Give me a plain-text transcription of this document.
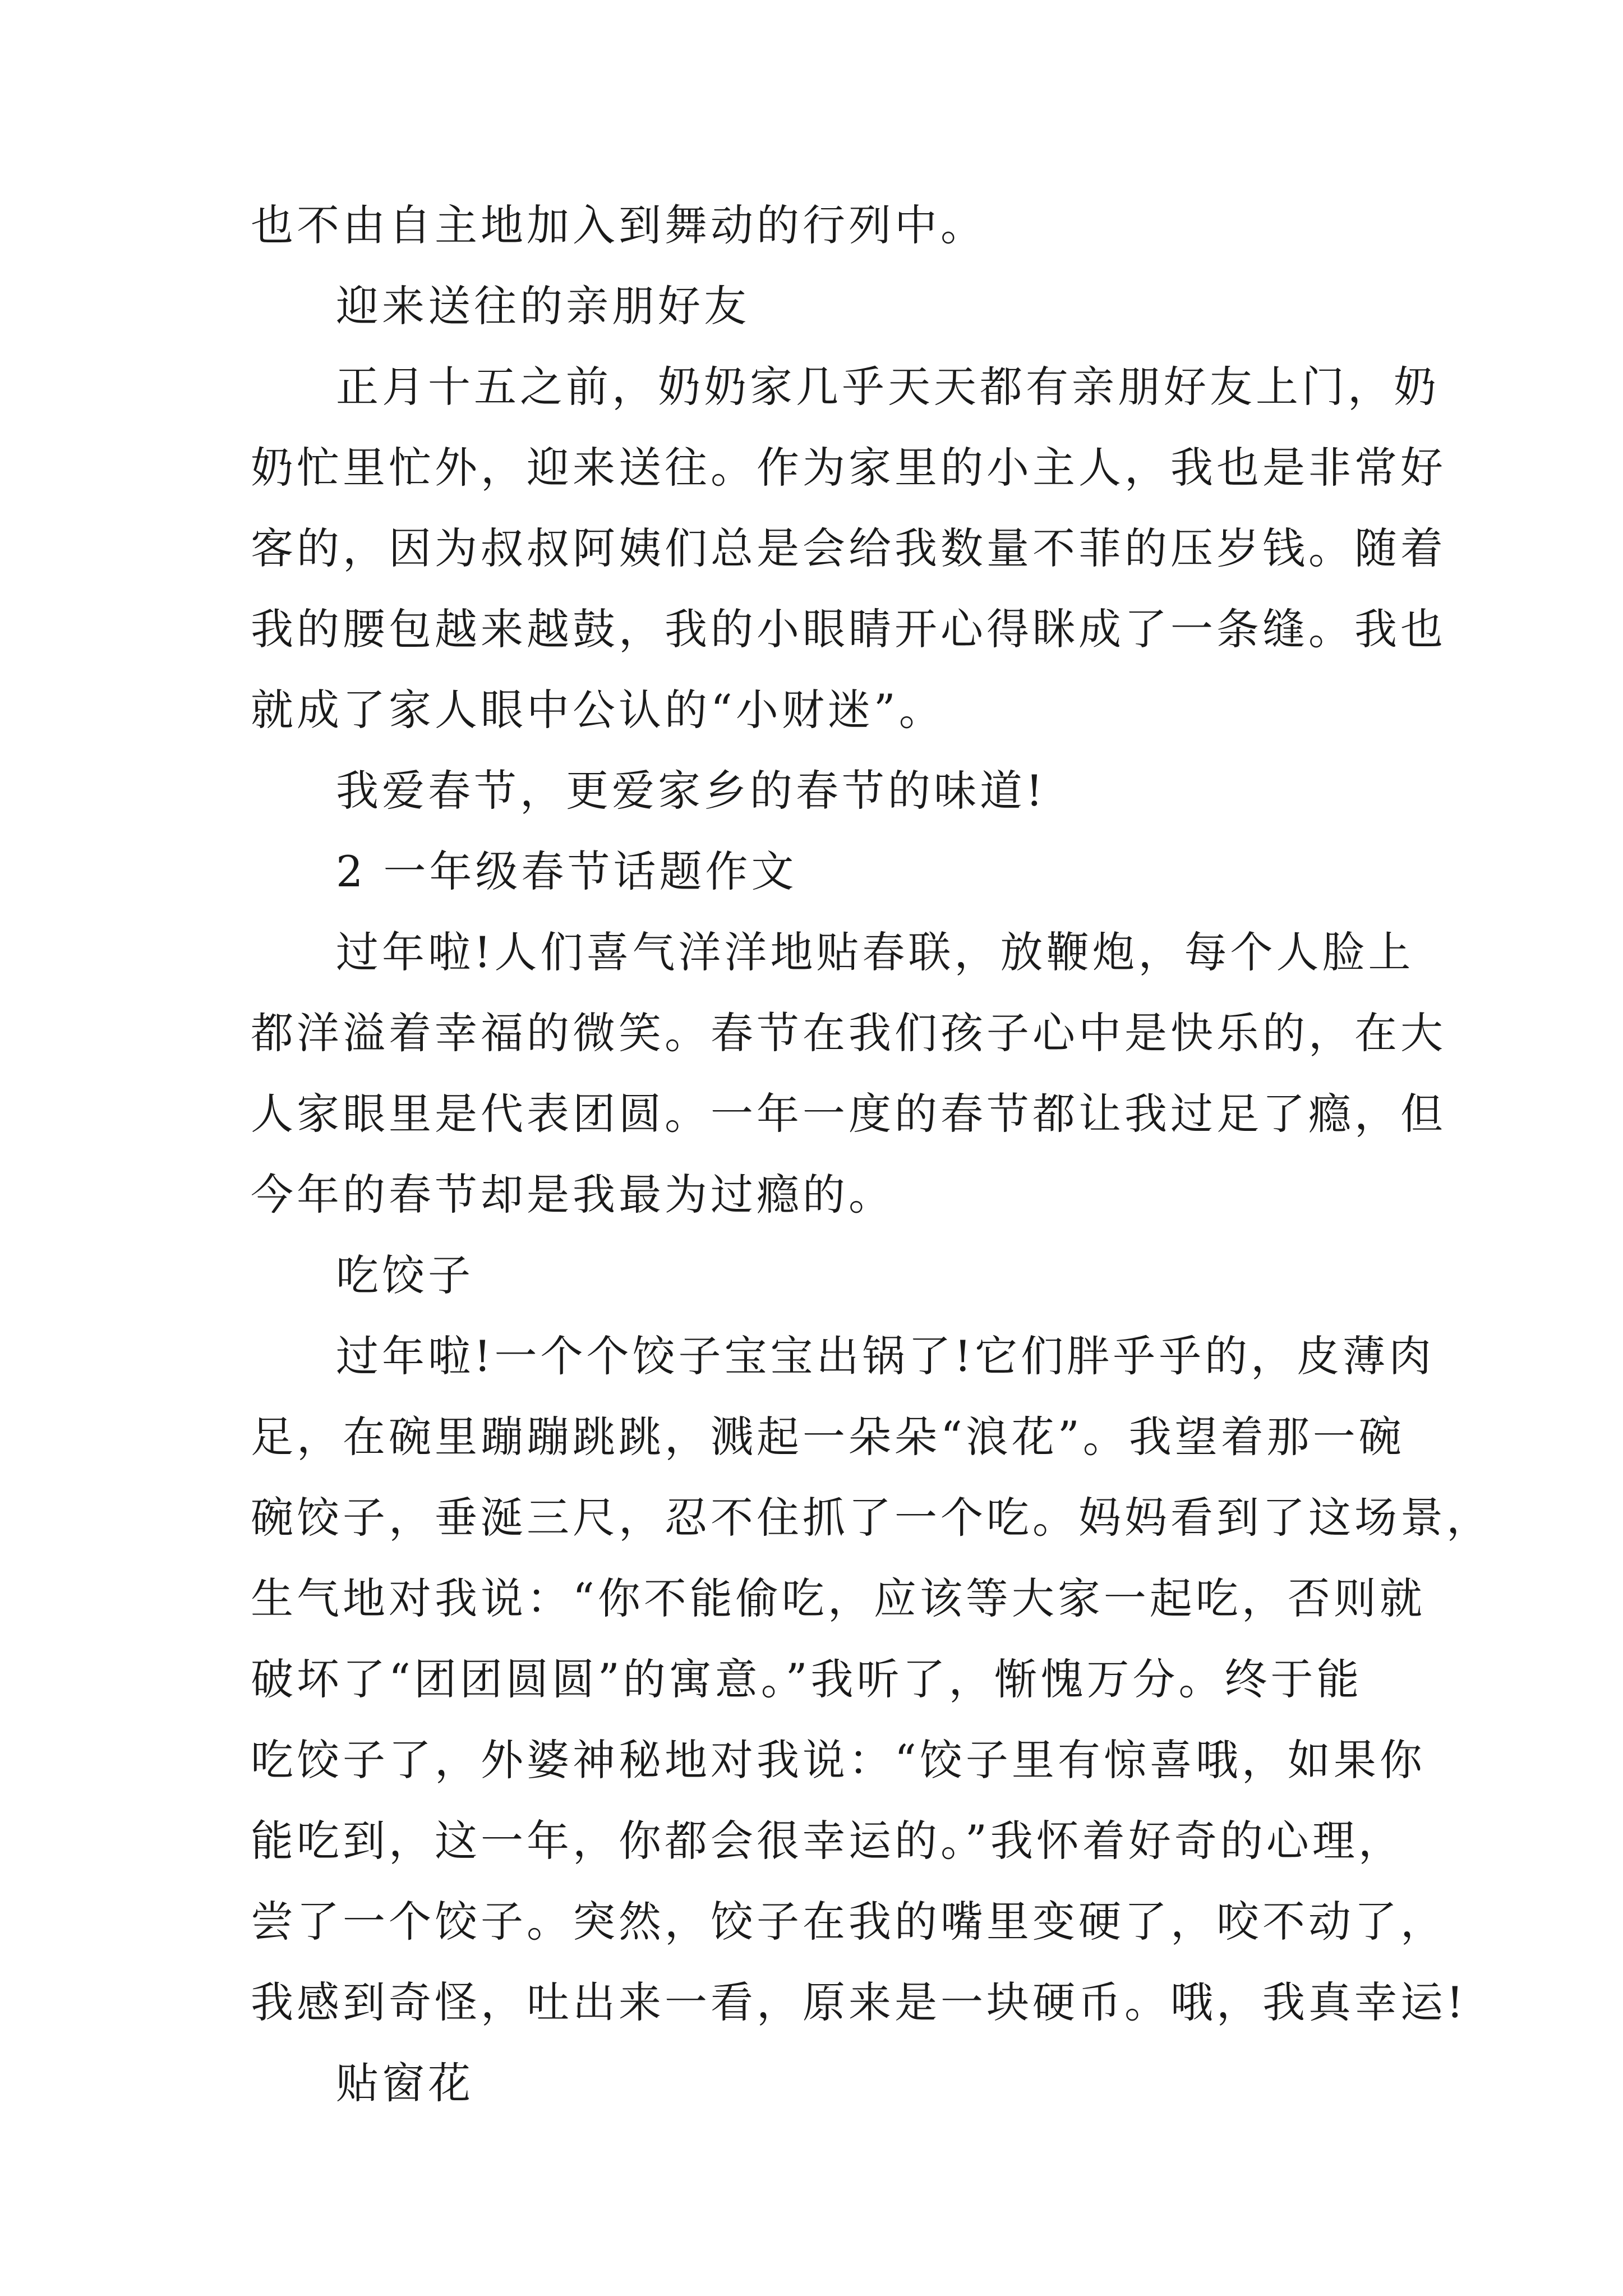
也不由自主地加入到舞动的行列中。
迎来送往的亲朋好友
正月十五之前，奶奶家几乎天天都有亲朋好友上门，奶
奶忙里忙外，迎来送往。作为家里的小主人，我也是非常好
客的，因为叔叔阿姨们总是会给我数量不菲的压岁钱。随着
我的腰包越来越鼓，我的小眼睛开心得眯成了一条缝。我也
就成了家人眼中公认的“小财迷”。
我爱春节，更爱家乡的春节的味道!
2 一年级春节话题作文
过年啦!人们喜气洋洋地贴春联，放鞭炮，每个人脸上
都洋溢着幸福的微笑。春节在我们孩子心中是快乐的，在大
人家眼里是代表团圆。一年一度的春节都让我过足了瘾，但
今年的春节却是我最为过瘾的。
吃饺子
过年啦!一个个饺子宝宝出锅了!它们胖乎乎的，皮薄肉
足，在碗里蹦蹦跳跳，溅起一朵朵“浪花”。我望着那一碗
碗饺子，垂涎三尺，忍不住抓了一个吃。妈妈看到了这场景，
生气地对我说：“你不能偷吃，应该等大家一起吃，否则就
破坏了“团团圆圆”的寓意。”我听了，惭愧万分。终于能
吃饺子了，外婆神秘地对我说：“饺子里有惊喜哦，如果你
能吃到，这一年，你都会很幸运的。”我怀着好奇的心理，
尝了一个饺子。突然，饺子在我的嘴里变硬了，咬不动了，
我感到奇怪，吐出来一看，原来是一块硬币。哦，我真幸运!
贴窗花
